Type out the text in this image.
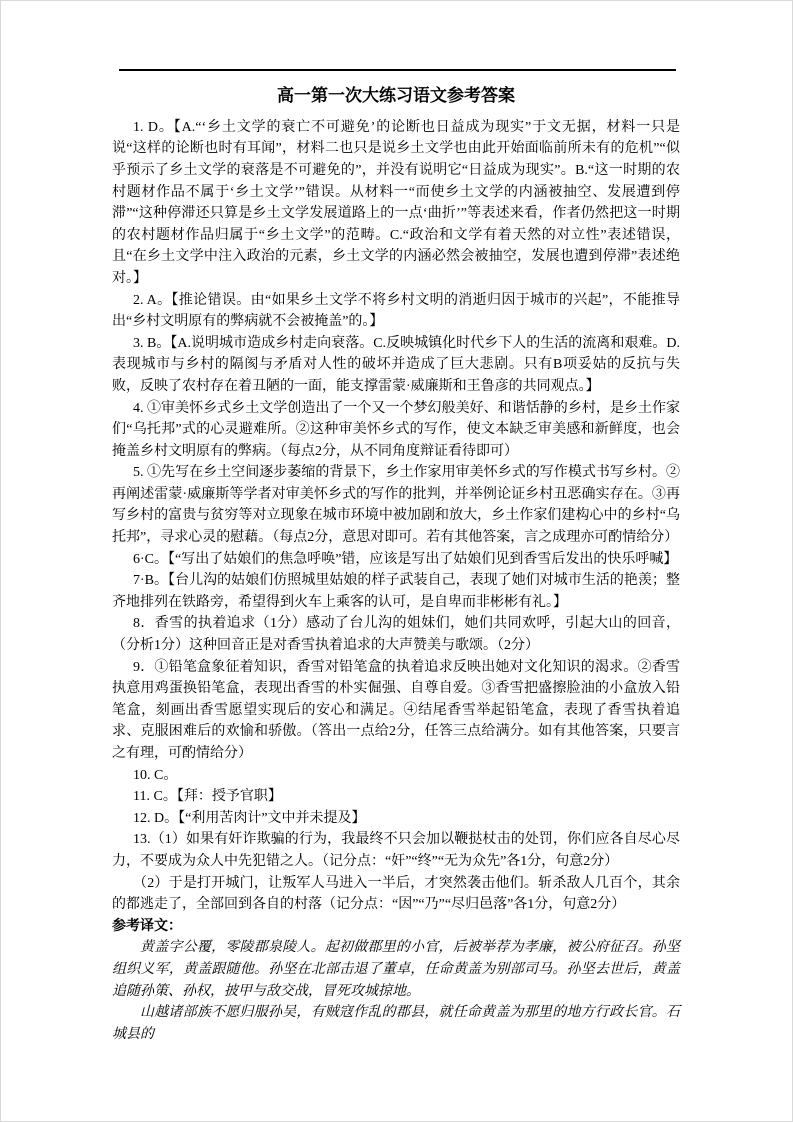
高一第一次大练习语文参考答案

1. D。【A.“‘乡土文学的衰亡不可避免’的论断也日益成为现实”于文无据，材料一只是说“这样的论断也时有耳闻”，材料二也只是说乡土文学也由此开始面临前所未有的危机”“似乎预示了乡土文学的衰落是不可避免的”，并没有说明它“日益成为现实”。B.“这一时期的农村题材作品不属于‘乡土文学’”错误。从材料一“而使乡土文学的内涵被抽空、发展遭到停滞”“这种停滞还只算是乡土文学发展道路上的一点‘曲折’”等表述来看，作者仍然把这一时期的农村题材作品归属于“乡土文学”的范畴。C.“政治和文学有着天然的对立性”表述错误，且“在乡土文学中注入政治的元素，乡土文学的内涵必然会被抽空，发展也遭到停滞”表述绝对。】

2. A。【推论错误。由“如果乡土文学不将乡村文明的消逝归因于城市的兴起”，不能推导出“乡村文明原有的弊病就不会被掩盖”的。】

3. B。【A.说明城市造成乡村走向衰落。C.反映城镇化时代乡下人的生活的流离和艰难。D.表现城市与乡村的隔阂与矛盾对人性的破坏并造成了巨大悲剧。只有B项妥姑的反抗与失败，反映了农村存在着丑陋的一面，能支撑雷蒙·威廉斯和王鲁彦的共同观点。】

4. ①审美怀乡式乡土文学创造出了一个又一个梦幻般美好、和谐恬静的乡村，是乡土作家们“乌托邦”式的心灵避难所。②这种审美怀乡式的写作，使文本缺乏审美感和新鲜度，也会掩盖乡村文明原有的弊病。（每点2分，从不同角度辩证看待即可）

5. ①先写在乡土空间逐步萎缩的背景下，乡土作家用审美怀乡式的写作模式书写乡村。②再阐述雷蒙·威廉斯等学者对审美怀乡式的写作的批判，并举例论证乡村丑恶确实存在。③再写乡村的富贵与贫穷等对立现象在城市环境中被加剧和放大，乡土作家们建构心中的乡村“乌托邦”，寻求心灵的慰藉。（每点2分，意思对即可。若有其他答案，言之成理亦可酌情给分）

6·C。【“写出了姑娘们的焦急呼唤”错，应该是写出了姑娘们见到香雪后发出的快乐呼喊】

7·B。【台儿沟的姑娘们仿照城里姑娘的样子武装自己，表现了她们对城市生活的艳羡；整齐地排列在铁路旁，希望得到火车上乘客的认可，是自卑而非彬彬有礼。】

8．香雪的执着追求（1分）感动了台儿沟的姐妹们，她们共同欢呼，引起大山的回音，（分析1分）这种回音正是对香雪执着追求的大声赞美与歌颂。（2分）

9．①铅笔盒象征着知识，香雪对铅笔盒的执着追求反映出她对文化知识的渴求。②香雪执意用鸡蛋换铅笔盒，表现出香雪的朴实倔强、自尊自爱。③香雪把盛擦脸油的小盒放入铅笔盒，刻画出香雪愿望实现后的安心和满足。④结尾香雪举起铅笔盒，表现了香雪执着追求、克服困难后的欢愉和骄傲。（答出一点给2分，任答三点给满分。如有其他答案，只要言之有理，可酌情给分）

10. C。

11. C。【拜：授予官职】

12. D。【“利用苦肉计”文中并未提及】

13.（1）如果有奸诈欺骗的行为，我最终不只会加以鞭挞杖击的处罚，你们应各自尽心尽力，不要成为众人中先犯错之人。（记分点：“奸”“终”“无为众先”各1分，句意2分）

（2）于是打开城门，让叛军人马进入一半后，才突然袭击他们。斩杀敌人几百个，其余的都逃走了，全部回到各自的村落（记分点：“因”“乃”“尽归邑落”各1分，句意2分）

参考译文：

黄盖字公覆，零陵郡泉陵人。起初做郡里的小官，后被举荐为孝廉，被公府征召。孙坚组织义军，黄盖跟随他。孙坚在北部击退了董卓，任命黄盖为别部司马。孙坚去世后，黄盖追随孙策、孙权，披甲与敌交战，冒死攻城掠地。

山越诸部族不愿归服孙吴，有贼寇作乱的郡县，就任命黄盖为那里的地方行政长官。石城县的
